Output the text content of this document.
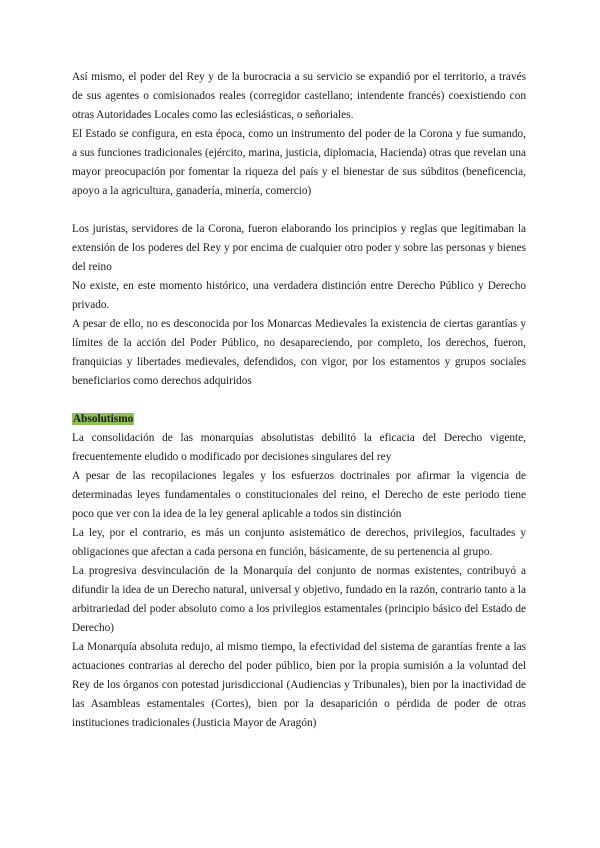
Así mismo, el poder del Rey y de la burocracia a su servicio se expandió por el territorio, a través de sus agentes o comisionados reales (corregidor castellano; intendente francés) coexistiendo con otras Autoridades Locales como las eclesiásticas, o señoriales.

El Estado se configura, en esta época, como un instrumento del poder de la Corona y fue sumando, a sus funciones tradicionales (ejército, marina, justicia, diplomacia, Hacienda) otras que revelan una mayor preocupación por fomentar la riqueza del país y el bienestar de sus súbditos (beneficencia, apoyo a la agricultura, ganadería, minería, comercio)

Los juristas, servidores de la Corona, fueron elaborando los principios y reglas que legitimaban la extensión de los poderes del Rey y por encima de cualquier otro poder y sobre las personas y bienes del reino

No existe, en este momento histórico, una verdadera distinción entre Derecho Público y Derecho privado.

A pesar de ello, no es desconocida por los Monarcas Medievales la existencia de ciertas garantías y límites de la acción del Poder Público, no desapareciendo, por completo, los derechos, fueron, franquicias y libertades medievales, defendidos, con vigor, por los estamentos y grupos sociales beneficiarios como derechos adquiridos

Absolutismo

La consolidación de las monarquías absolutistas debilitó la eficacia del Derecho vigente, frecuentemente eludido o modificado por decisiones singulares del rey

A pesar de las recopilaciones legales y los esfuerzos doctrinales por afirmar la vigencia de determinadas leyes fundamentales o constitucionales del reino, el Derecho de este periodo tiene poco que ver con la idea de la ley general aplicable a todos sin distinción

La ley, por el contrario, es más un conjunto asistemático de derechos, privilegios, facultades y obligaciones que afectan a cada persona en función, básicamente, de su pertenencia al grupo.

La progresiva desvinculación de la Monarquía del conjunto de normas existentes, contribuyó a difundir la idea de un Derecho natural, universal y objetivo, fundado en la razón, contrario tanto a la arbitrariedad del poder absoluto como a los privilegios estamentales (principio básico del Estado de Derecho)

La Monarquía absoluta redujo, al mismo tiempo, la efectividad del sistema de garantías frente a las actuaciones contrarias al derecho del poder público, bien por la propia sumisión a la voluntad del Rey de los órganos con potestad jurisdiccional (Audiencias y Tribunales), bien por la inactividad de las Asambleas estamentales (Cortes), bien por la desaparición o pérdida de poder de otras instituciones tradicionales (Justicia Mayor de Aragón)
